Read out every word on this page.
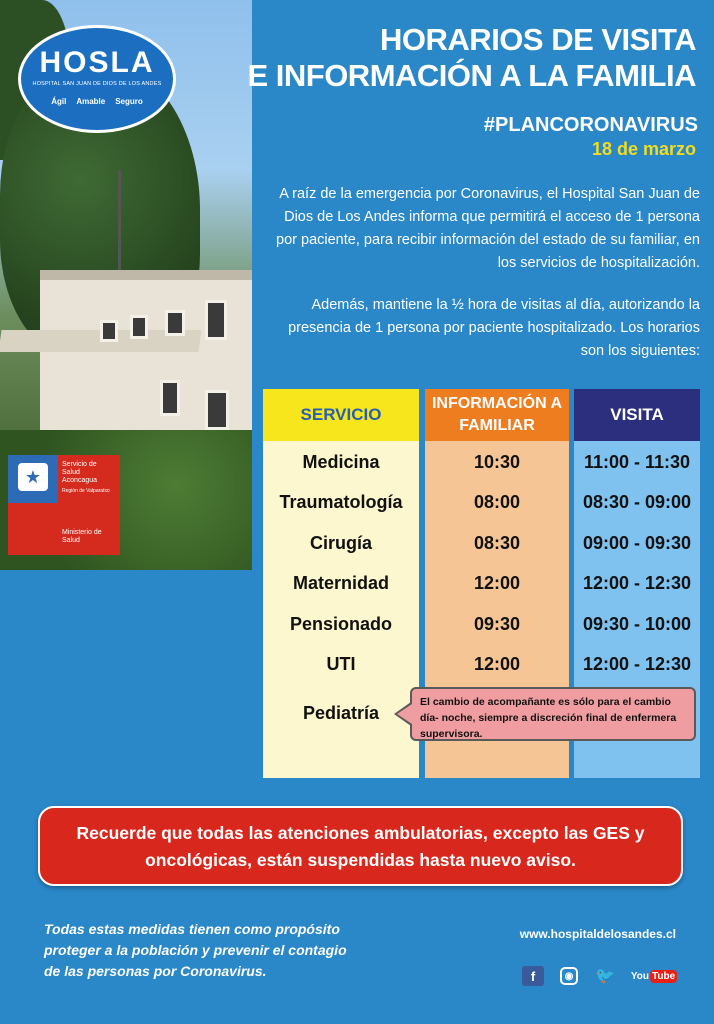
HOSLA
HOSPITAL SAN JUAN DE DIOS DE LOS ANDES
Ágil Amable Seguro
★
Servicio de Salud Aconcagua
Región de Valparaíso
Ministerio de Salud
HORARIOS DE VISITA
E INFORMACIÓN A LA FAMILIA
#PLANCORONAVIRUS
18 de marzo
A raíz de la emergencia por Coronavirus, el Hospital San Juan de Dios de Los Andes informa que permitirá el acceso de 1 persona por paciente, para recibir información del estado de su familiar, en los servicios de hospitalización.
Además, mantiene la ½ hora de visitas al día, autorizando la presencia de 1 persona por paciente hospitalizado. Los horarios son los siguientes:
SERVICIO
INFORMACIÓN A FAMILIAR
VISITA
Medicina	10:30	11:00 - 11:30
Traumatología	08:00	08:30 - 09:00
Cirugía	08:30	09:00 - 09:30
Maternidad	12:00	12:00 - 12:30
Pensionado	09:30	09:30 - 10:00
UTI	12:00	12:00 - 12:30
Pediatría
El cambio de acompañante es sólo para el cambio día- noche, siempre a discreción final de enfermera supervisora.
Recuerde que todas las atenciones ambulatorias, excepto las GES y
oncológicas, están suspendidas hasta nuevo aviso.
Todas estas medidas tienen como propósito
proteger a la población y prevenir el contagio
de las personas por Coronavirus.
www.hospitaldelosandes.cl
f	◉ 🐦 You Tube
